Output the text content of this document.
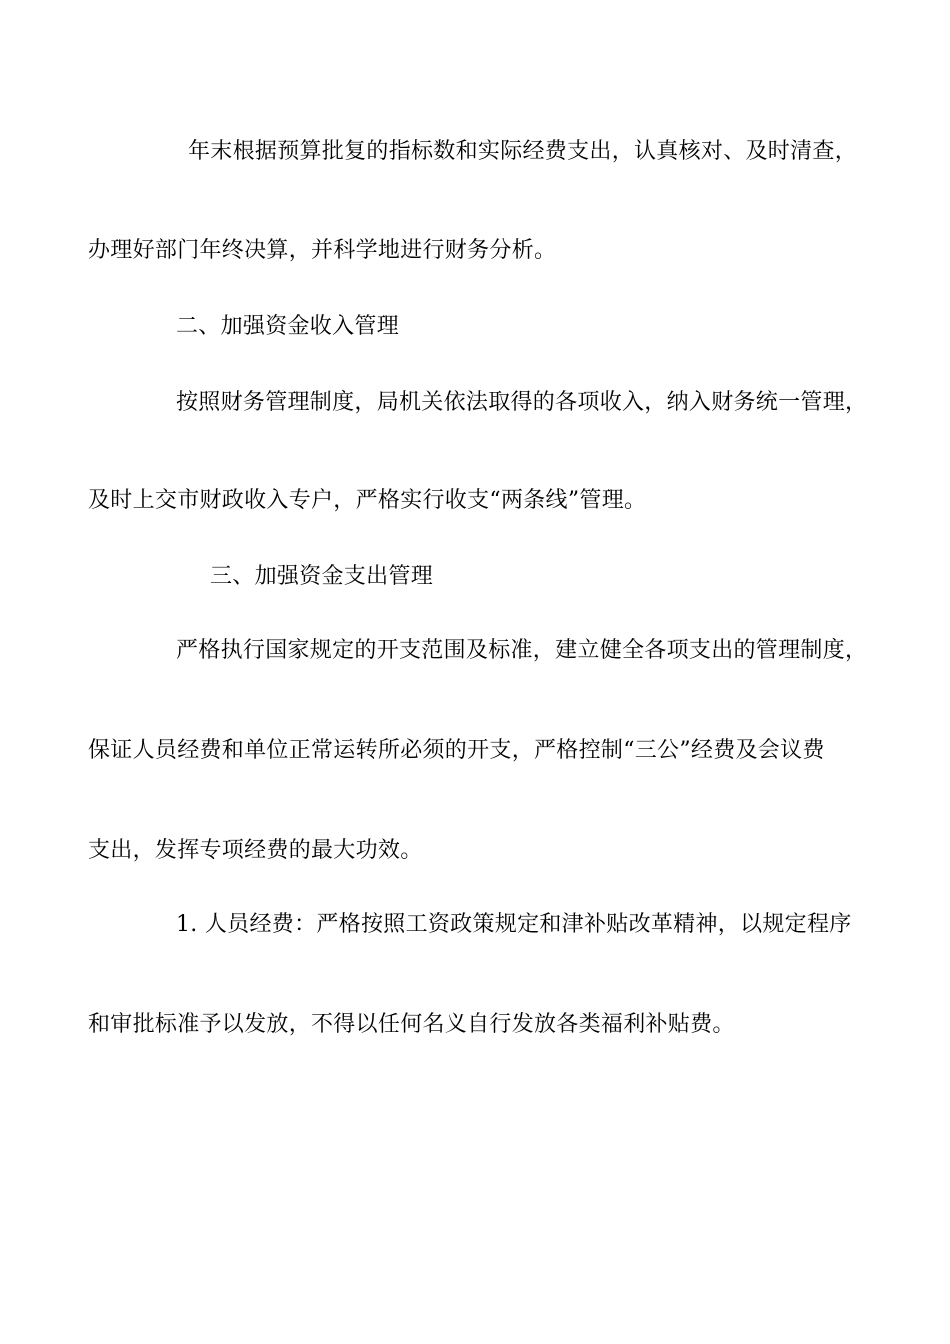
年末根据预算批复的指标数和实际经费支出，认真核对、及时清查，

办理好部门年终决算，并科学地进行财务分析。

二、加强资金收入管理

按照财务管理制度，局机关依法取得的各项收入，纳入财务统一管理，

及时上交市财政收入专户，严格实行收支“两条线”管理。

三、加强资金支出管理

严格执行国家规定的开支范围及标准，建立健全各项支出的管理制度，

保证人员经费和单位正常运转所必须的开支，严格控制“三公”经费及会议费

支出，发挥专项经费的最大功效。

1. 人员经费：严格按照工资政策规定和津补贴改革精神，以规定程序

和审批标准予以发放，不得以任何名义自行发放各类福利补贴费。
